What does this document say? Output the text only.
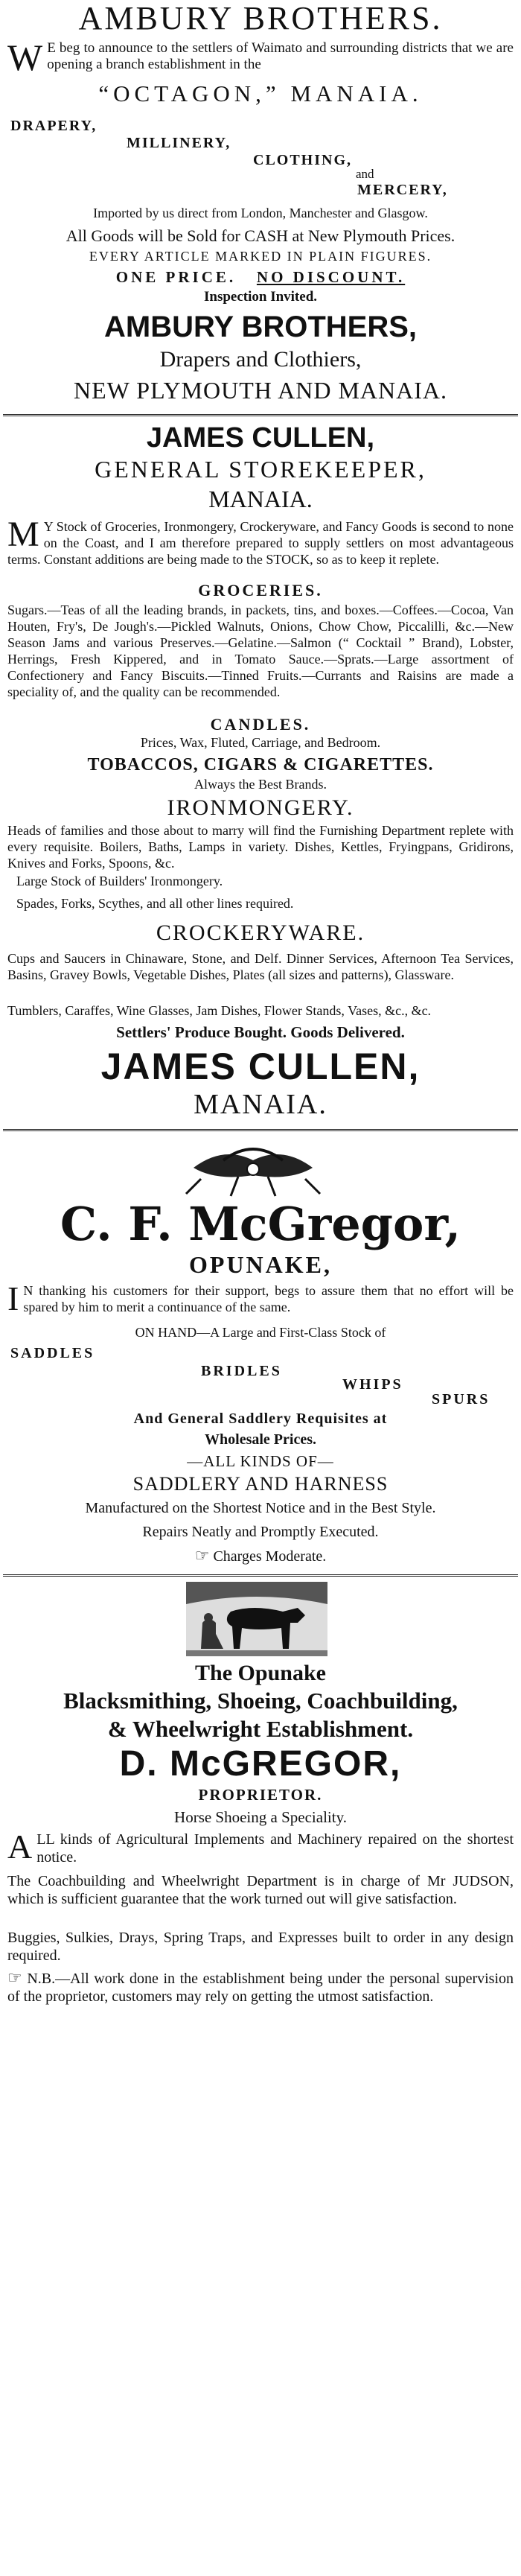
AMBURY BROTHERS.
W E beg to announce to the settlers of Waimato and surrounding districts that we are opening a branch establishment in the
“OCTAGON,” MANAIA.
DRAPERY,
MILLINERY,
CLOTHING,
and
MERCERY,
Imported by us direct from London, Manchester and Glasgow.
All Goods will be Sold for CASH at New Plymouth Prices.
EVERY ARTICLE MARKED IN PLAIN FIGURES.
ONE PRICE. NO DISCOUNT.
Inspection Invited.
AMBURY BROTHERS,
Drapers and Clothiers,
NEW PLYMOUTH AND MANAIA.
JAMES CULLEN,
GENERAL STOREKEEPER,
MANAIA.
M Y Stock of Groceries, Ironmongery, Crockeryware, and Fancy Goods is second to none on the Coast, and I am therefore prepared to supply settlers on most advantageous terms. Constant additions are being made to the STOCK, so as to keep it replete.
GROCERIES.
Sugars.—Teas of all the leading brands, in packets, tins, and boxes.—Coffees.—Cocoa, Van Houten, Fry's, De Jough's.—Pickled Walnuts, Onions, Chow Chow, Piccalilli, &c.—New Season Jams and various Preserves.—Gelatine.—Salmon (“ Cocktail ” Brand), Lobster, Herrings, Fresh Kippered, and in Tomato Sauce.—Sprats.—Large assortment of Confectionery and Fancy Biscuits.—Tinned Fruits.—Currants and Raisins are made a speciality of, and the quality can be recommended.
CANDLES.
Prices, Wax, Fluted, Carriage, and Bedroom.
TOBACCOS, CIGARS & CIGARETTES.
Always the Best Brands.
IRONMONGERY.
Heads of families and those about to marry will find the Furnishing Department replete with every requisite. Boilers, Baths, Lamps in variety. Dishes, Kettles, Fryingpans, Gridirons, Knives and Forks, Spoons, &c.
Large Stock of Builders' Ironmongery.
Spades, Forks, Scythes, and all other lines required.
CROCKERYWARE.
Cups and Saucers in Chinaware, Stone, and Delf. Dinner Services, Afternoon Tea Services, Basins, Gravey Bowls, Vegetable Dishes, Plates (all sizes and patterns), Glassware.
Tumblers, Caraffes, Wine Glasses, Jam Dishes, Flower Stands, Vases, &c., &c.
Settlers' Produce Bought. Goods Delivered.
JAMES CULLEN,
MANAIA.
C. F. McGregor,
OPUNAKE,
I N thanking his customers for their support, begs to assure them that no effort will be spared by him to merit a continuance of the same.
ON HAND—A Large and First-Class Stock of
SADDLES
BRIDLES
WHIPS
SPURS
And General Saddlery Requisites at
Wholesale Prices.
—ALL KINDS OF—
SADDLERY AND HARNESS
Manufactured on the Shortest Notice and in the Best Style.
Repairs Neatly and Promptly Executed.
☞ Charges Moderate.
The Opunake
Blacksmithing, Shoeing, Coachbuilding,
& Wheelwright Establishment.
D. McGREGOR,
PROPRIETOR.
Horse Shoeing a Speciality.
ALL kinds of Agricultural Implements and Machinery repaired on the shortest notice.
The Coachbuilding and Wheelwright Department is in charge of Mr JUDSON, which is sufficient guarantee that the work turned out will give satisfaction.
Buggies, Sulkies, Drays, Spring Traps, and Expresses built to order in any design required.
☞ N.B.—All work done in the establishment being under the personal supervision of the proprietor, customers may rely on getting the utmost satisfaction.
